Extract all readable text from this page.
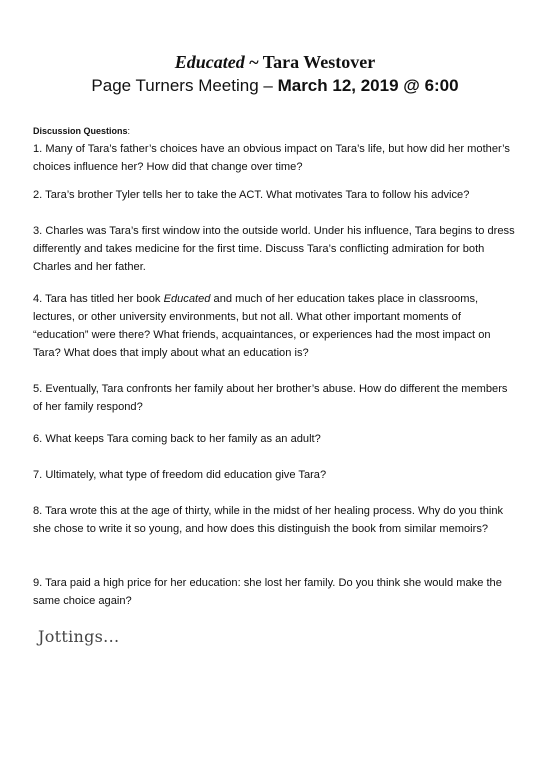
Educated ~ Tara Westover
Page Turners Meeting – March 12, 2019 @ 6:00
Discussion Questions:

1. Many of Tara’s father’s choices have an obvious impact on Tara’s life, but how did her mother’s choices influence her? How did that change over time?

2. Tara’s brother Tyler tells her to take the ACT. What motivates Tara to follow his advice?

3. Charles was Tara’s first window into the outside world. Under his influence, Tara begins to dress differently and takes medicine for the first time. Discuss Tara’s conflicting admiration for both Charles and her father.

4. Tara has titled her book Educated and much of her education takes place in classrooms, lectures, or other university environments, but not all. What other important moments of “education” were there? What friends, acquaintances, or experiences had the most impact on Tara? What does that imply about what an education is?

5. Eventually, Tara confronts her family about her brother’s abuse. How do different the members of her family respond?

6. What keeps Tara coming back to her family as an adult?

7. Ultimately, what type of freedom did education give Tara?

8. Tara wrote this at the age of thirty, while in the midst of her healing process. Why do you think she chose to write it so young, and how does this distinguish the book from similar memoirs?

9. Tara paid a high price for her education: she lost her family. Do you think she would make the same choice again?

Jottings...
